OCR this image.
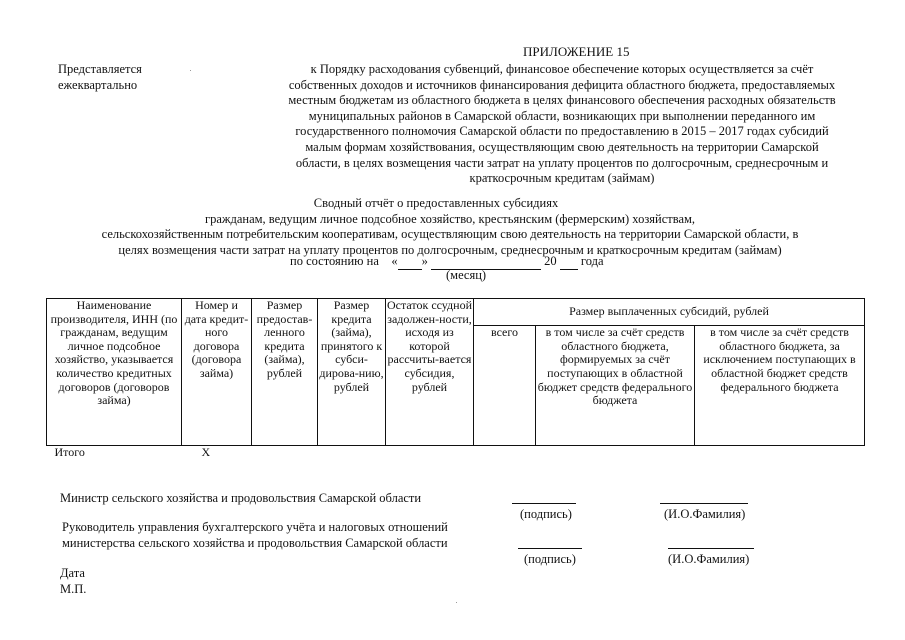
ПРИЛОЖЕНИЕ 15
Представляется
ежеквартально
к Порядку расходования субвенций, финансовое обеспечение которых осуществляется за счёт
собственных доходов и источников финансирования дефицита областного бюджета, предоставляемых
местным бюджетам из областного бюджета в целях финансового обеспечения расходных обязательств
муниципальных районов в Самарской области, возникающих при выполнении переданного им
государственного полномочия Самарской области по предоставлению в 2015 – 2017 годах субсидий
малым формам хозяйствования, осуществляющим свою деятельность на территории Самарской
области, в целях возмещения части затрат на уплату процентов по долгосрочным, среднесрочным и
краткосрочным кредитам (займам)
Сводный отчёт о предоставленных субсидиях
гражданам, ведущим личное подсобное хозяйство, крестьянским (фермерским) хозяйствам,
сельскохозяйственным потребительским кооперативам, осуществляющим свою деятельность на территории Самарской области, в
целях возмещения части затрат на уплату процентов по долгосрочным, среднесрочным и краткосрочным кредитам (займам)
по состоянию на « »	20 года
(месяц)
Наименование производителя, ИНН (по гражданам, ведущим личное подсобное хозяйство, указывается количество кредитных договоров (договоров займа)	Номер и дата кредит-ного договора (договора займа)	Размер предостав-ленного кредита (займа), рублей	Размер кредита (займа), принятого к субси-дирова-нию, рублей	Остаток ссудной задолжен-ности, исходя из которой рассчиты-вается субсидия, рублей	Размер выплаченных субсидий, рублей		
					всего	в том числе за счёт средств областного бюджета, формируемых за счёт поступающих в областной бюджет средств федерального бюджета	в том числе за счёт средств областного бюджета, за исключением поступающих в областной бюджет средств федерального бюджета
Итого	X						
Министр сельского хозяйства и продовольствия Самарской области
(подпись)	(И.О.Фамилия)
Руководитель управления бухгалтерского учёта и налоговых отношений
министерства сельского хозяйства и продовольствия Самарской области
(подпись)	(И.О.Фамилия)
Дата
М.П.
